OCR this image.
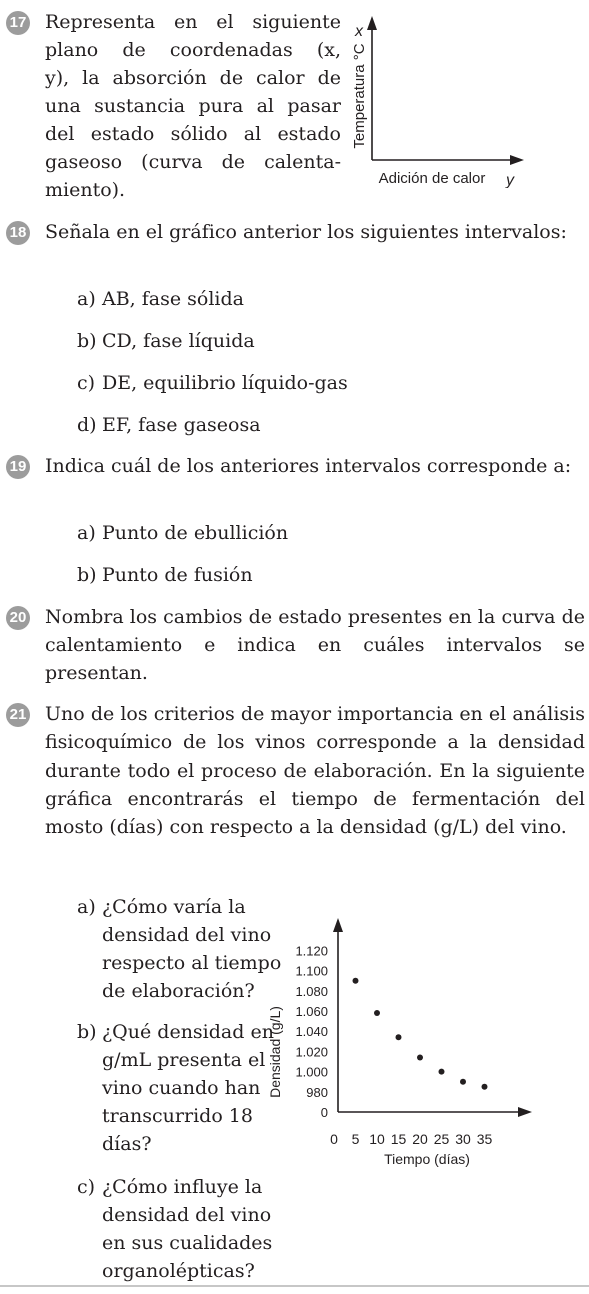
17 Representa en el siguiente
plano de coordenadas (x,
y), la absorción de calor de
una sustancia pura al pasar
del estado sólido al estado
gaseoso (curva de calenta-
miento).

x
Temperatura °C
Adición de calor y
18 Señala en el gráfico anterior los siguientes intervalos:

a) AB, fase sólida

b) CD, fase líquida

c) DE, equilibrio líquido-gas

d) EF, fase gaseosa

19 Indica cuál de los anteriores intervalos corresponde a:

a) Punto de ebullición

b) Punto de fusión

20 Nombra los cambios de estado presentes en la curva de calentamiento e indica en cuáles intervalos se presentan.

21 Uno de los criterios de mayor importancia en el análisis fisicoquímico de los vinos corresponde a la densidad durante todo el proceso de elaboración. En la siguiente gráfica encontrarás el tiempo de fermentación del mosto (días) con respecto a la densidad (g/L) del vino.

a) ¿Cómo varía la
densidad del vino
respecto al tiempo
de elaboración?
b) ¿Qué densidad en
g/mL presenta el
vino cuando han
transcurrido 18
días?
c) ¿Cómo influye la
densidad del vino
en sus cualidades
organolépticas?
Densidad (g/L)
Tiempo (días)
0
980
1.000
1.020
1.040
1.060
1.080
1.100
1.120
0 5 10 15 20 25 30 35
